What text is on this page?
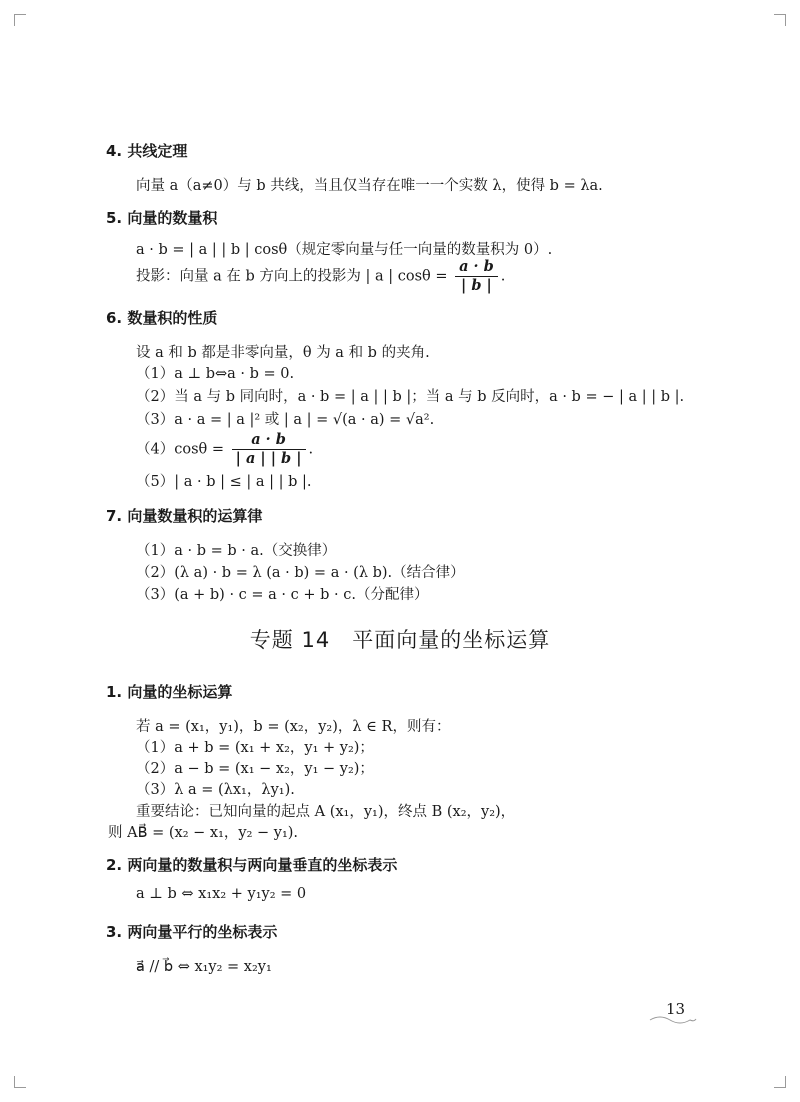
4. 共线定理
向量 a（a≠0）与 b 共线，当且仅当存在唯一一个实数 λ，使得 b = λa.
5. 向量的数量积
a · b = | a | | b | cosθ（规定零向量与任一向量的数量积为 0）.
投影：向量 a 在 b 方向上的投影为 | a | $\cos\theta = \frac{a \cdot b}{| b |}$ .
6. 数量积的性质
设 a 和 b 都是非零向量，θ 为 a 和 b 的夹角.
（1）a ⊥ b⇔a · b = 0.
（2）当 a 与 b 同向时，a · b = | a | | b |；当 a 与 b 反向时，a · b = − | a | | b |.
（3）a · a = | a |² 或 | a | = √(a · a) = √a².
$(4)\cos\theta = \frac{a \cdot b}{| a | | b |}$ .
（5）| a · b | ≤ | a | | b |.
7. 向量数量积的运算律
（1）a · b = b · a.（交换律）
（2）(λ a) · b = λ (a · b) = a · (λ b).（结合律）
（3）(a + b) · c = a · c + b · c.（分配律）
专题 14　平面向量的坐标运算
1. 向量的坐标运算
若 a = (x₁，y₁)，b = (x₂，y₂)，λ ∈ R，则有：
（1）a + b = (x₁ + x₂，y₁ + y₂)；
（2）a − b = (x₁ − x₂，y₁ − y₂)；
（3）λ a = (λx₁，λy₁).
重要结论：已知向量的起点 A (x₁，y₁)，终点 B (x₂，y₂)，
则 AB⃗ = (x₂ − x₁，y₂ − y₁).
2. 两向量的数量积与两向量垂直的坐标表示
a ⊥ b ⇔ x₁x₂ + y₁y₂ = 0
3. 两向量平行的坐标表示
a⃗ // b⃗ ⇔ x₁y₂ = x₂y₁
13
